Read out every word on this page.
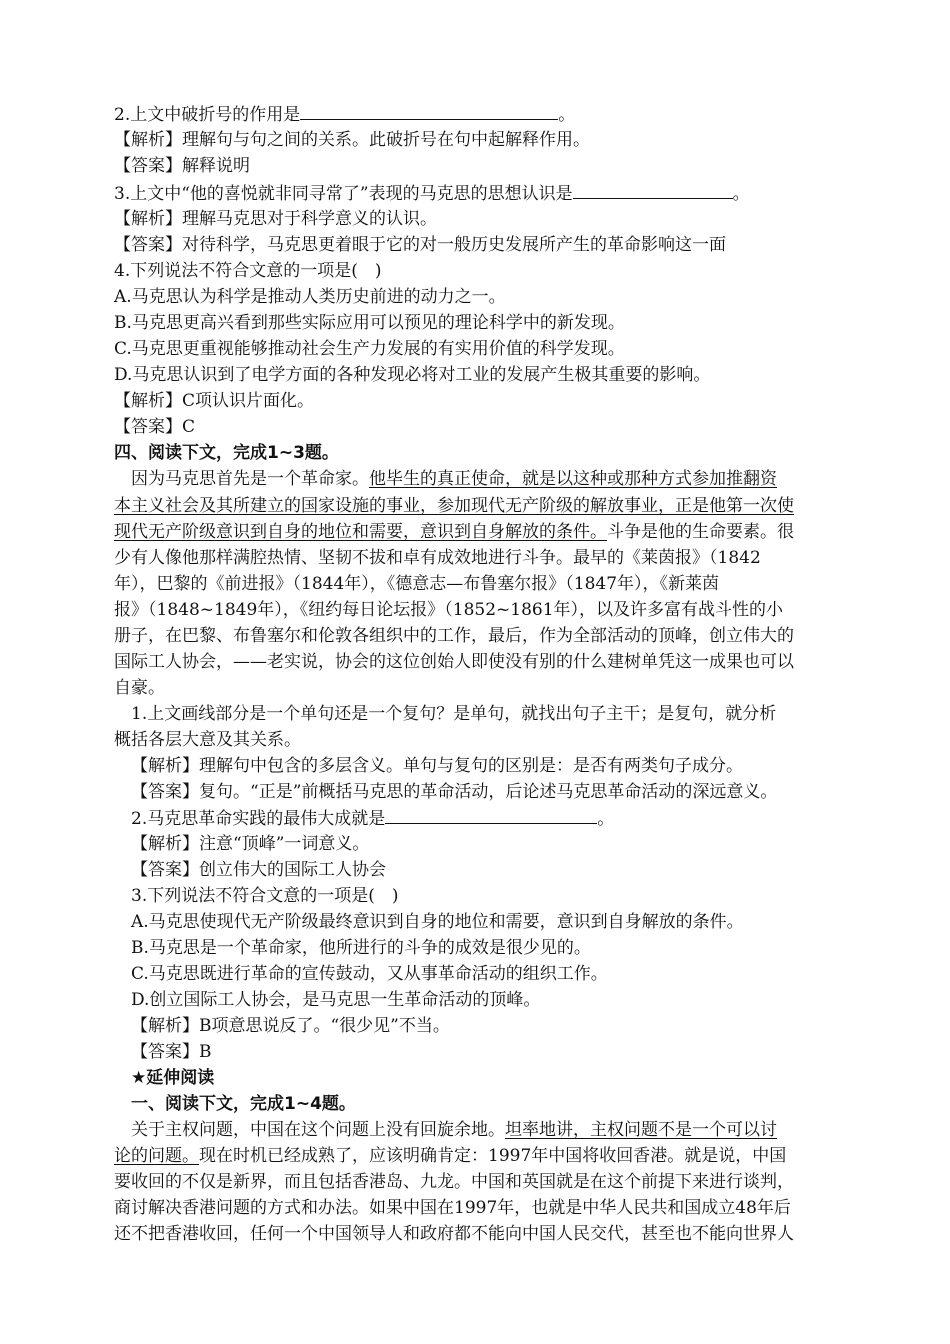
2.上文中破折号的作用是	。
【解析】理解句与句之间的关系。此破折号在句中起解释作用。
【答案】解释说明
3.上文中“他的喜悦就非同寻常了”表现的马克思的思想认识是	。
【解析】理解马克思对于科学意义的认识。
【答案】对待科学，马克思更着眼于它的对一般历史发展所产生的革命影响这一面
4.下列说法不符合文意的一项是(　)
A.马克思认为科学是推动人类历史前进的动力之一。
B.马克思更高兴看到那些实际应用可以预见的理论科学中的新发现。
C.马克思更重视能够推动社会生产力发展的有实用价值的科学发现。
D.马克思认识到了电学方面的各种发现必将对工业的发展产生极其重要的影响。
【解析】C项认识片面化。
【答案】C
四、阅读下文，完成1~3题。
因为马克思首先是一个革命家。他毕生的真正使命，就是以这种或那种方式参加推翻资
本主义社会及其所建立的国家设施的事业，参加现代无产阶级的解放事业，正是他第一次使
现代无产阶级意识到自身的地位和需要，意识到自身解放的条件。斗争是他的生命要素。很
少有人像他那样满腔热情、坚韧不拔和卓有成效地进行斗争。最早的《莱茵报》（1842
年），巴黎的《前进报》（1844年），《德意志—布鲁塞尔报》（1847年），《新莱茵
报》（1848~1849年），《纽约每日论坛报》（1852~1861年），以及许多富有战斗性的小
册子，在巴黎、布鲁塞尔和伦敦各组织中的工作，最后，作为全部活动的顶峰，创立伟大的
国际工人协会，——老实说，协会的这位创始人即使没有别的什么建树单凭这一成果也可以
自豪。
1.上文画线部分是一个单句还是一个复句？是单句，就找出句子主干；是复句，就分析
概括各层大意及其关系。
【解析】理解句中包含的多层含义。单句与复句的区别是：是否有两类句子成分。
【答案】复句。“正是”前概括马克思的革命活动，后论述马克思革命活动的深远意义。
2.马克思革命实践的最伟大成就是	。
【解析】注意“顶峰”一词意义。
【答案】创立伟大的国际工人协会
3.下列说法不符合文意的一项是(　)
A.马克思使现代无产阶级最终意识到自身的地位和需要，意识到自身解放的条件。
B.马克思是一个革命家，他所进行的斗争的成效是很少见的。
C.马克思既进行革命的宣传鼓动，又从事革命活动的组织工作。
D.创立国际工人协会，是马克思一生革命活动的顶峰。
【解析】B项意思说反了。“很少见”不当。
【答案】B
★延伸阅读
一、阅读下文，完成1~4题。
关于主权问题，中国在这个问题上没有回旋余地。坦率地讲，主权问题不是一个可以讨
论的问题。现在时机已经成熟了，应该明确肯定：1997年中国将收回香港。就是说，中国
要收回的不仅是新界，而且包括香港岛、九龙。中国和英国就是在这个前提下来进行谈判，
商讨解决香港问题的方式和办法。如果中国在1997年，也就是中华人民共和国成立48年后
还不把香港收回，任何一个中国领导人和政府都不能向中国人民交代，甚至也不能向世界人
